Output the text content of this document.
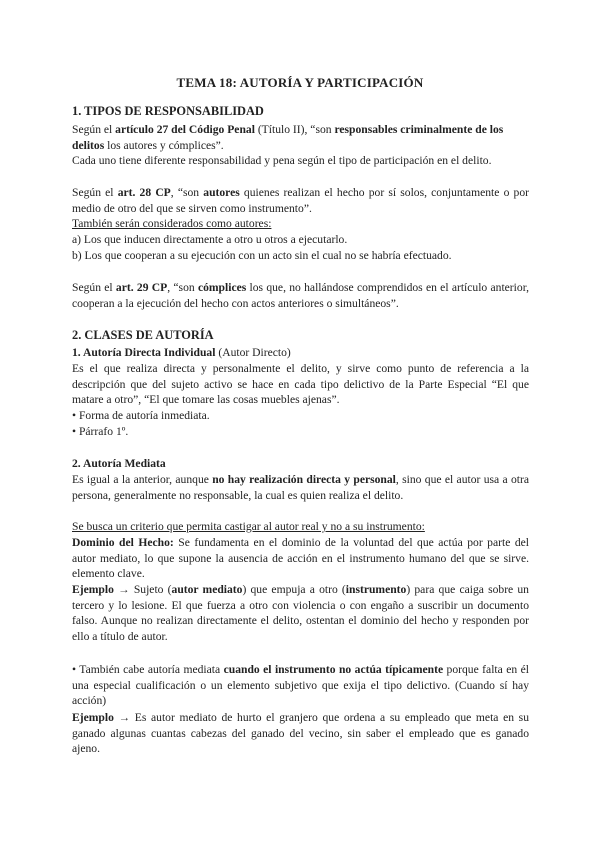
TEMA 18: AUTORÍA Y PARTICIPACIÓN

1. TIPOS DE RESPONSABILIDAD

Según el artículo 27 del Código Penal (Título II), “son responsables criminalmente de los delitos los autores y cómplices”.

Cada uno tiene diferente responsabilidad y pena según el tipo de participación en el delito.

Según el art. 28 CP, “son autores quienes realizan el hecho por sí solos, conjuntamente o por medio de otro del que se sirven como instrumento”.

También serán considerados como autores:

a) Los que inducen directamente a otro u otros a ejecutarlo.

b) Los que cooperan a su ejecución con un acto sin el cual no se habría efectuado.

Según el art. 29 CP, “son cómplices los que, no hallándose comprendidos en el artículo anterior, cooperan a la ejecución del hecho con actos anteriores o simultáneos”.

2. CLASES DE AUTORÍA

1. Autoría Directa Individual (Autor Directo)

Es el que realiza directa y personalmente el delito, y sirve como punto de referencia a la descripción que del sujeto activo se hace en cada tipo delictivo de la Parte Especial “El que matare a otro”, “El que tomare las cosas muebles ajenas”.

• Forma de autoría inmediata.

• Párrafo 1º.

2. Autoría Mediata

Es igual a la anterior, aunque no hay realización directa y personal, sino que el autor usa a otra persona, generalmente no responsable, la cual es quien realiza el delito.

Se busca un criterio que permita castigar al autor real y no a su instrumento:

Dominio del Hecho: Se fundamenta en el dominio de la voluntad del que actúa por parte del autor mediato, lo que supone la ausencia de acción en el instrumento humano del que se sirve. elemento clave.

Ejemplo → Sujeto (autor mediato) que empuja a otro (instrumento) para que caiga sobre un tercero y lo lesione. El que fuerza a otro con violencia o con engaño a suscribir un documento falso. Aunque no realizan directamente el delito, ostentan el dominio del hecho y responden por ello a título de autor.

• También cabe autoría mediata cuando el instrumento no actúa típicamente porque falta en él una especial cualificación o un elemento subjetivo que exija el tipo delictivo. (Cuando sí hay acción)

Ejemplo → Es autor mediato de hurto el granjero que ordena a su empleado que meta en su ganado algunas cuantas cabezas del ganado del vecino, sin saber el empleado que es ganado ajeno.
